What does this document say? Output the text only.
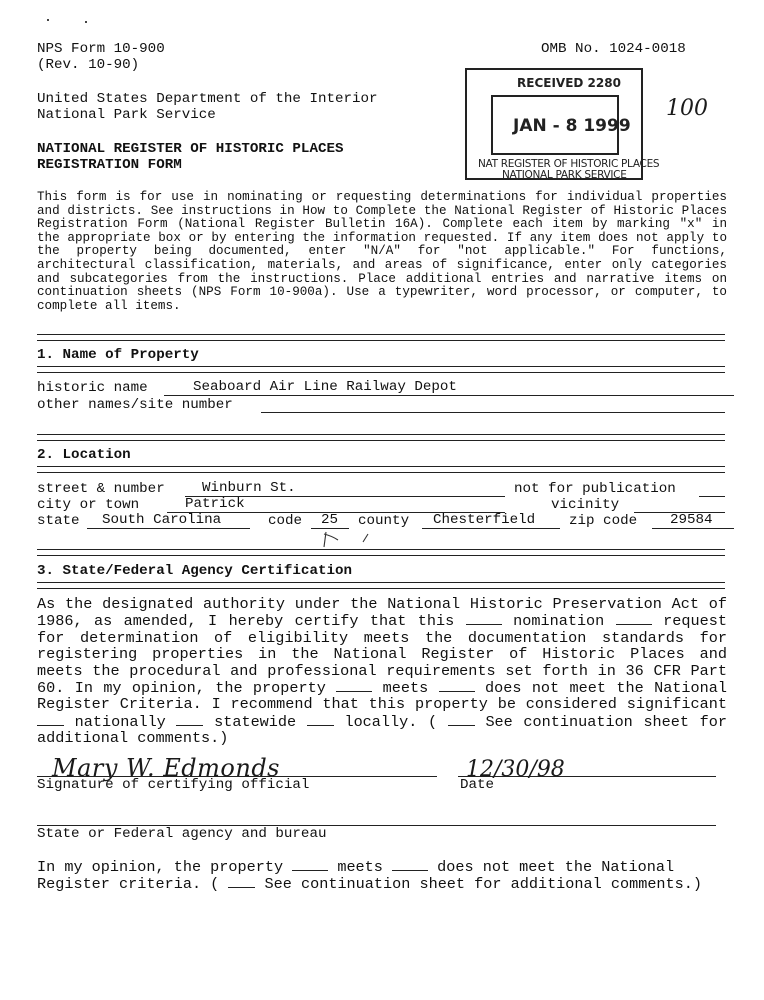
NPS Form 10-900
(Rev. 10-90)
OMB No. 1024-0018
United States Department of the Interior
National Park Service
NATIONAL REGISTER OF HISTORIC PLACES
REGISTRATION FORM
RECEIVED 2280
JAN - 8 1999
NAT REGISTER OF HISTORIC PLACES
NATIONAL PARK SERVICE
100
This form is for use in nominating or requesting determinations for individual properties and districts. See instructions in How to Complete the National Register of Historic Places Registration Form (National Register Bulletin 16A). Complete each item by marking "x" in the appropriate box or by entering the information requested. If any item does not apply to the property being documented, enter "N/A" for "not applicable." For functions, architectural classification, materials, and areas of significance, enter only categories and subcategories from the instructions. Place additional entries and narrative items on continuation sheets (NPS Form 10-900a). Use a typewriter, word processor, or computer, to complete all items.
1. Name of Property
historic name	Seaboard Air Line Railway Depot
other names/site number
2. Location
street & number	Winburn St.	not for publication
city or town	Patrick	vicinity
state South Carolina	code 25 county Chesterfield zip code 29584
3. State/Federal Agency Certification
As the designated authority under the National Historic Preservation Act of 1986, as amended, I hereby certify that this	nomination	request for determination of eligibility meets the documentation standards for registering properties in the National Register of Historic Places and meets the procedural and professional requirements set forth in 36 CFR Part 60. In my opinion, the property	meets	does not meet the National Register Criteria. I recommend that this property be considered significant  nationally	statewide	locally. (	See continuation sheet for additional comments.)
Mary W. Edmonds
Signature of certifying official
12/30/98
Date
State or Federal agency and bureau
In my opinion, the property	meets	does not meet the National Register criteria. (	See continuation sheet for additional comments.)
